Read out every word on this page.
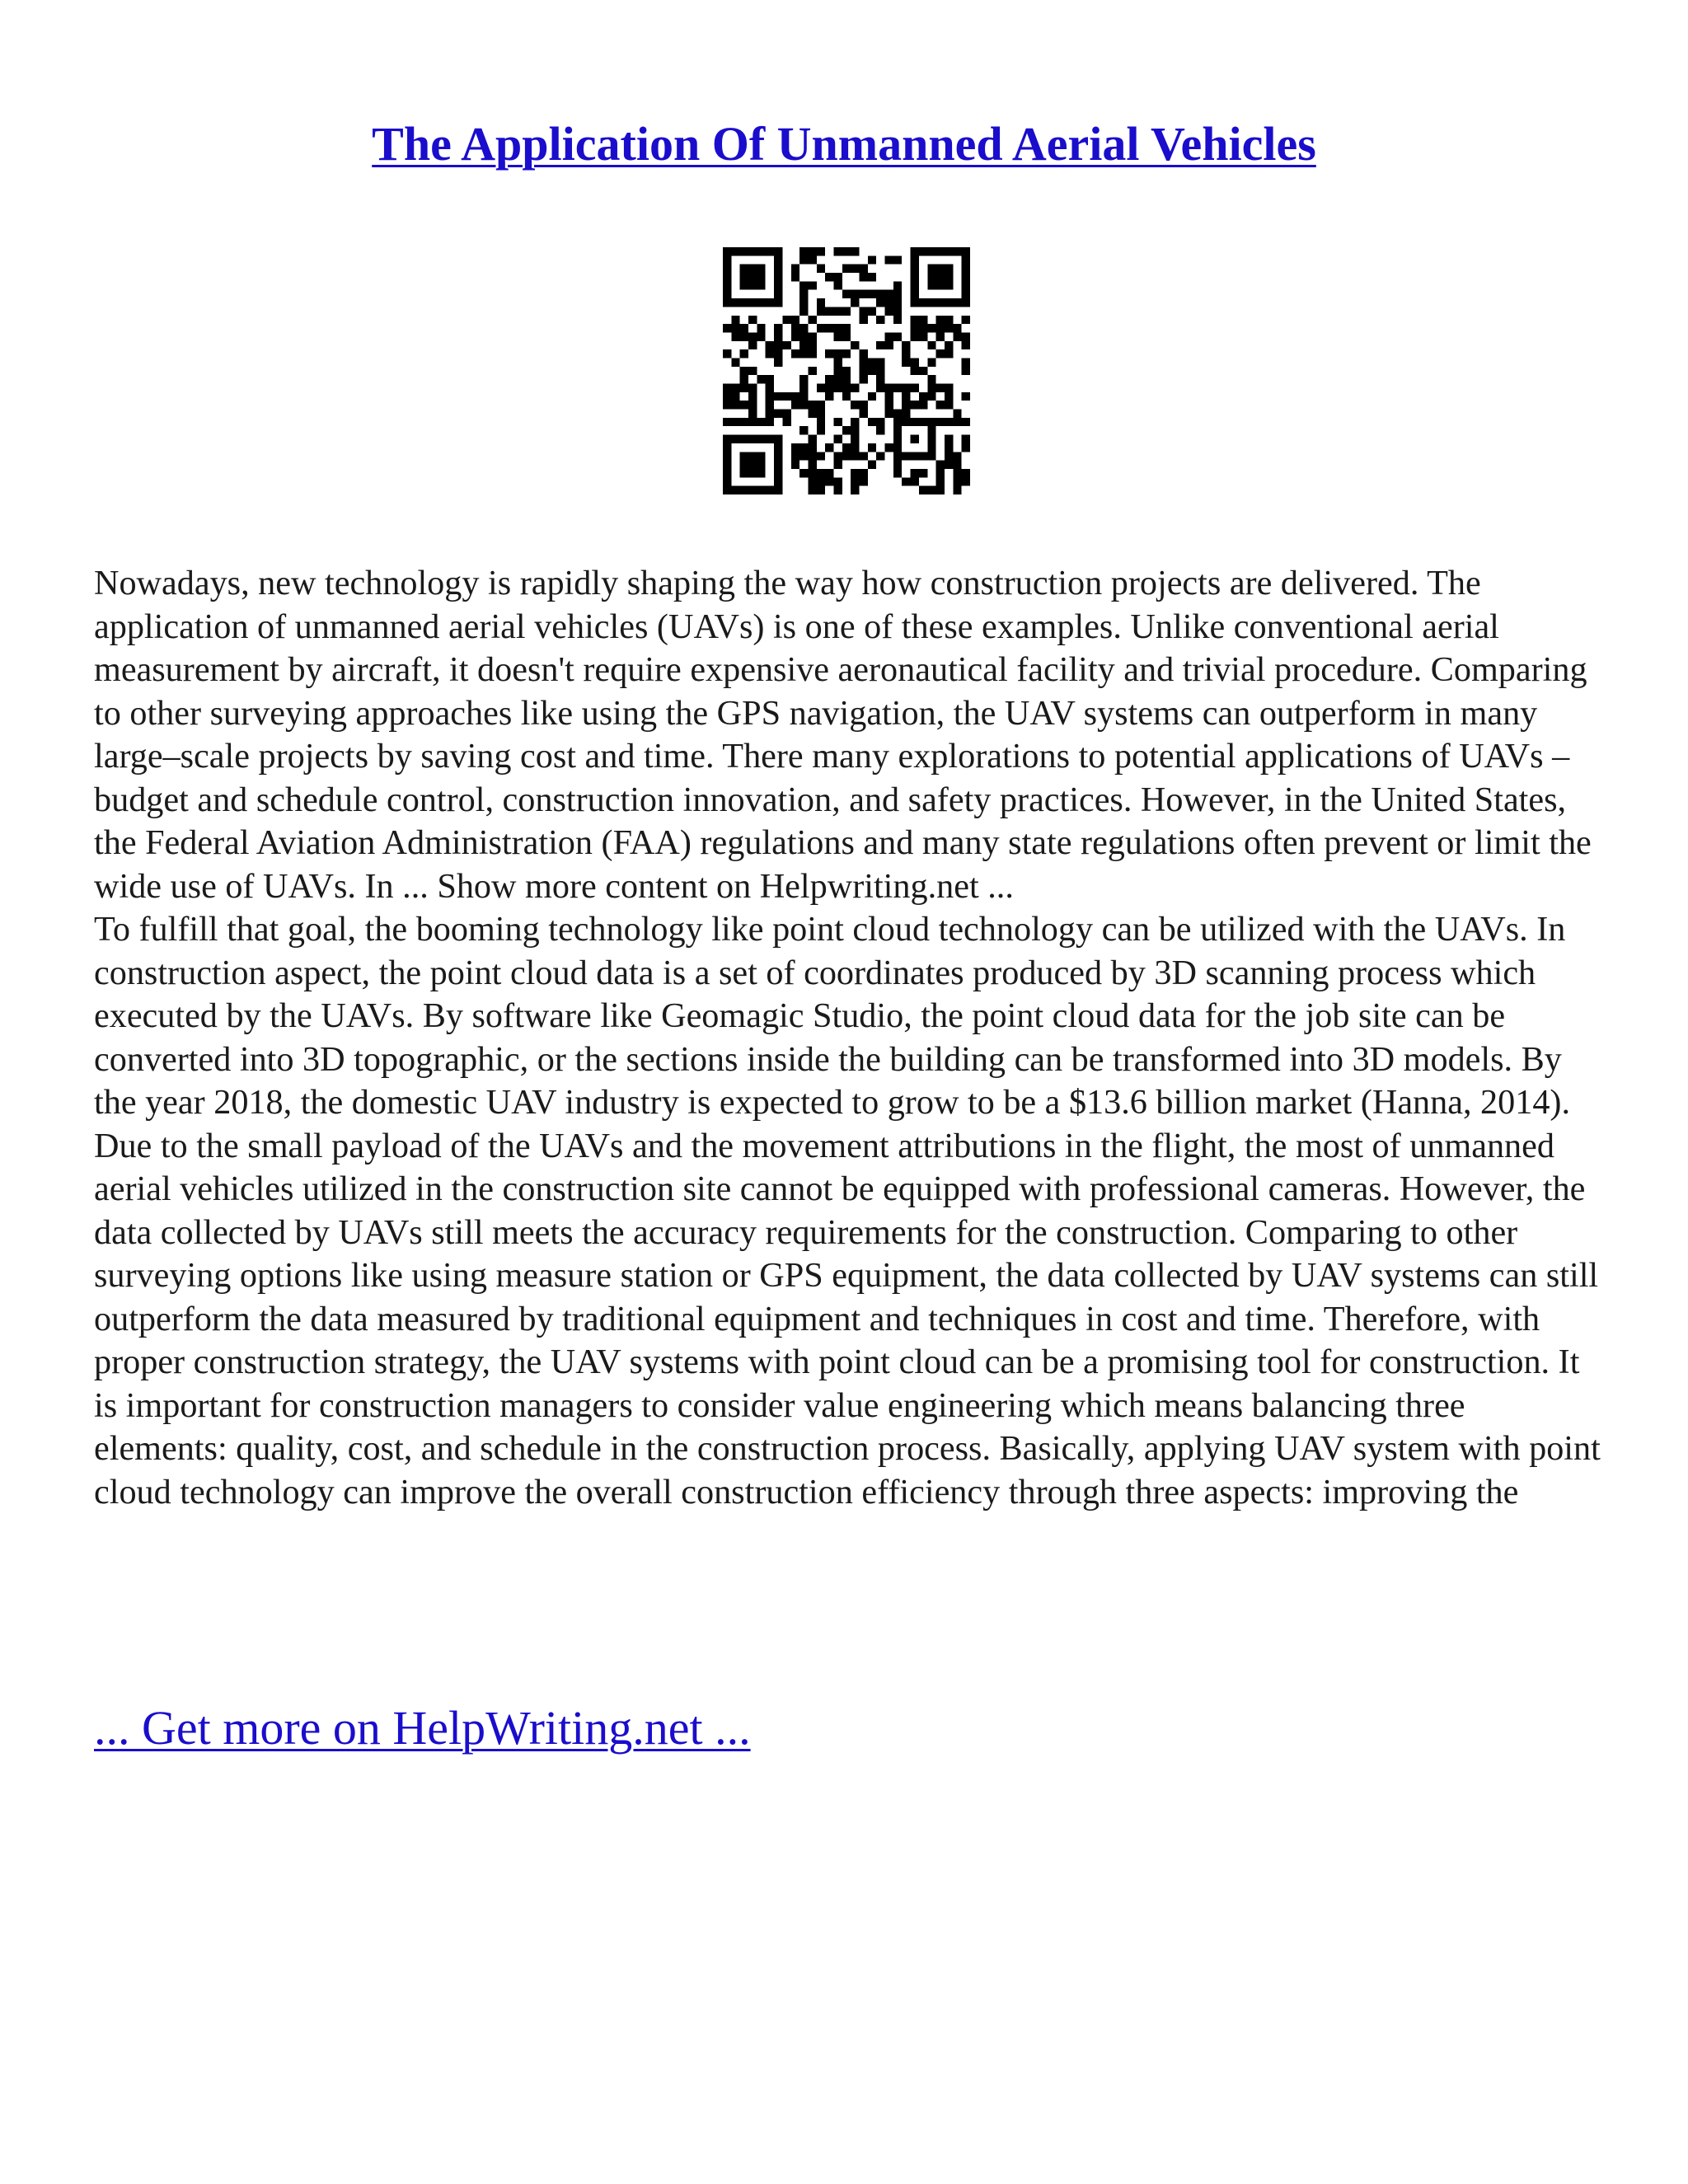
The Application Of Unmanned Aerial Vehicles

Nowadays, new technology is rapidly shaping the way how construction projects are delivered. The application of unmanned aerial vehicles (UAVs) is one of these examples. Unlike conventional aerial measurement by aircraft, it doesn't require expensive aeronautical facility and trivial procedure. Comparing to other surveying approaches like using the GPS navigation, the UAV systems can outperform in many large–scale projects by saving cost and time. There many explorations to potential applications of UAVs – budget and schedule control, construction innovation, and safety practices. However, in the United States, the Federal Aviation Administration (FAA) regulations and many state regulations often prevent or limit the wide use of UAVs. In ... Show more content on Helpwriting.net ...

To fulfill that goal, the booming technology like point cloud technology can be utilized with the UAVs. In construction aspect, the point cloud data is a set of coordinates produced by 3D scanning process which executed by the UAVs. By software like Geomagic Studio, the point cloud data for the job site can be converted into 3D topographic, or the sections inside the building can be transformed into 3D models. By the year 2018, the domestic UAV industry is expected to grow to be a $13.6 billion market (Hanna, 2014). Due to the small payload of the UAVs and the movement attributions in the flight, the most of unmanned aerial vehicles utilized in the construction site cannot be equipped with professional cameras. However, the data collected by UAVs still meets the accuracy requirements for the construction. Comparing to other surveying options like using measure station or GPS equipment, the data collected by UAV systems can still outperform the data measured by traditional equipment and techniques in cost and time. Therefore, with proper construction strategy, the UAV systems with point cloud can be a promising tool for construction. It is important for construction managers to consider value engineering which means balancing three elements: quality, cost, and schedule in the construction process. Basically, applying UAV system with point cloud technology can improve the overall construction efficiency through three aspects: improving the

... Get more on HelpWriting.net ...
